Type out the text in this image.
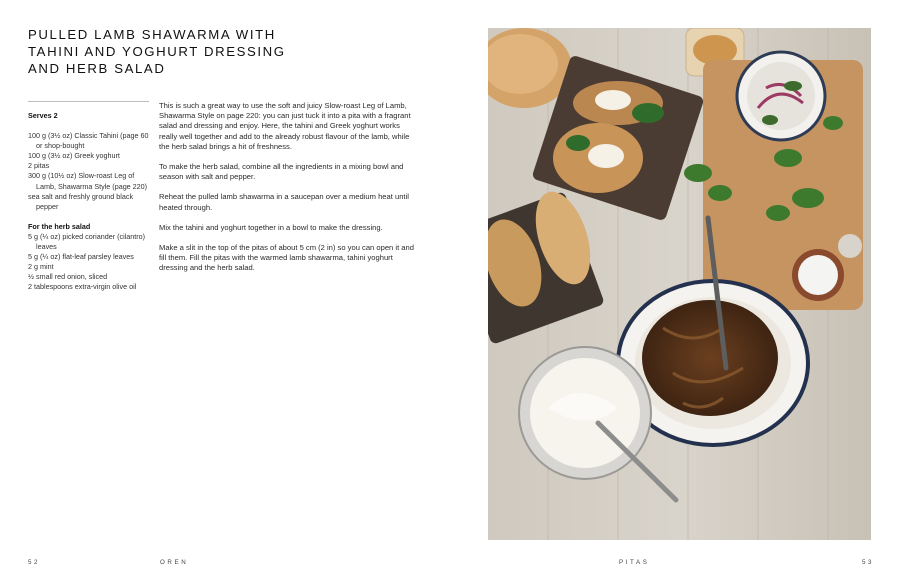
PULLED LAMB SHAWARMA WITH
TAHINI AND YOGHURT DRESSING
AND HERB SALAD

Serves 2

100 g (3½ oz) Classic Tahini (page 60 or shop-bought

100 g (3½ oz) Greek yoghurt

2 pitas

300 g (10½ oz) Slow-roast Leg of Lamb, Shawarma Style (page 220)

sea salt and freshly ground black pepper

For the herb salad

5 g (¼ oz) picked coriander (cilantro) leaves

5 g (¼ oz) flat-leaf parsley leaves

2 g mint

½ small red onion, sliced

2 tablespoons extra-virgin olive oil

This is such a great way to use the soft and juicy Slow-roast Leg of Lamb, Shawarma Style on page 220: you can just tuck it into a pita with a fragrant salad and dressing and enjoy. Here, the tahini and Greek yoghurt works really well together and add to the already robust flavour of the lamb, while the herb salad brings a hit of freshness.

To make the herb salad, combine all the ingredients in a mixing bowl and season with salt and pepper.

Reheat the pulled lamb shawarma in a saucepan over a medium heat until heated through.

Mix the tahini and yoghurt together in a bowl to make the dressing.

Make a slit in the top of the pitas of about 5 cm (2 in) so you can open it and fill them. Fill the pitas with the warmed lamb shawarma, tahini yoghurt dressing and the herb salad.

52	OREN	PITAS	53
